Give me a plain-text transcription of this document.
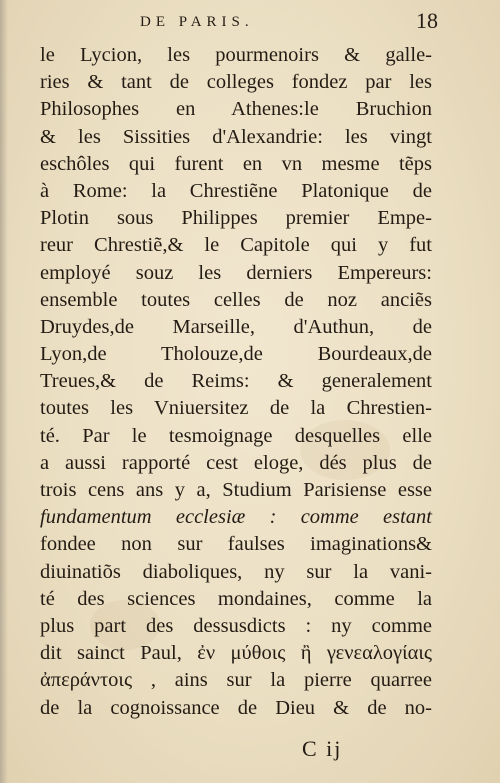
DE PARIS.	18
le Lycion, les pourmenoirs & galle-
ries & tant de colleges fondez par les
Philosophes en Athenes:le Bruchion
& les Sissities d'Alexandrie: les vingt
eschôles qui furent en vn mesme tẽps
à Rome: la Chrestiẽne Platonique de
Plotin sous Philippes premier Empe-
reur Chrestiẽ,& le Capitole qui y fut
employé souz les derniers Empereurs:
ensemble toutes celles de noz anciẽs
Druydes,de Marseille, d'Authun, de
Lyon,de Tholouze,de Bourdeaux,de
Treues,& de Reims: & generalement
toutes les Vniuersitez de la Chrestien-
té. Par le tesmoignage desquelles elle
a aussi rapporté cest eloge, dés plus de
trois cens ans y a, Studium Parisiense esse
fundamentum ecclesiæ : comme estant
fondee non sur faulses imaginations&
diuinatiõs diaboliques, ny sur la vani-
té des sciences mondaines, comme la
plus part des dessusdicts : ny comme
dit sainct Paul, ἐν μύθοις ἢ γενεαλογίαις
ἀπεράντοις , ains sur la pierre quarree
de la cognoissance de Dieu & de no-
C ij
